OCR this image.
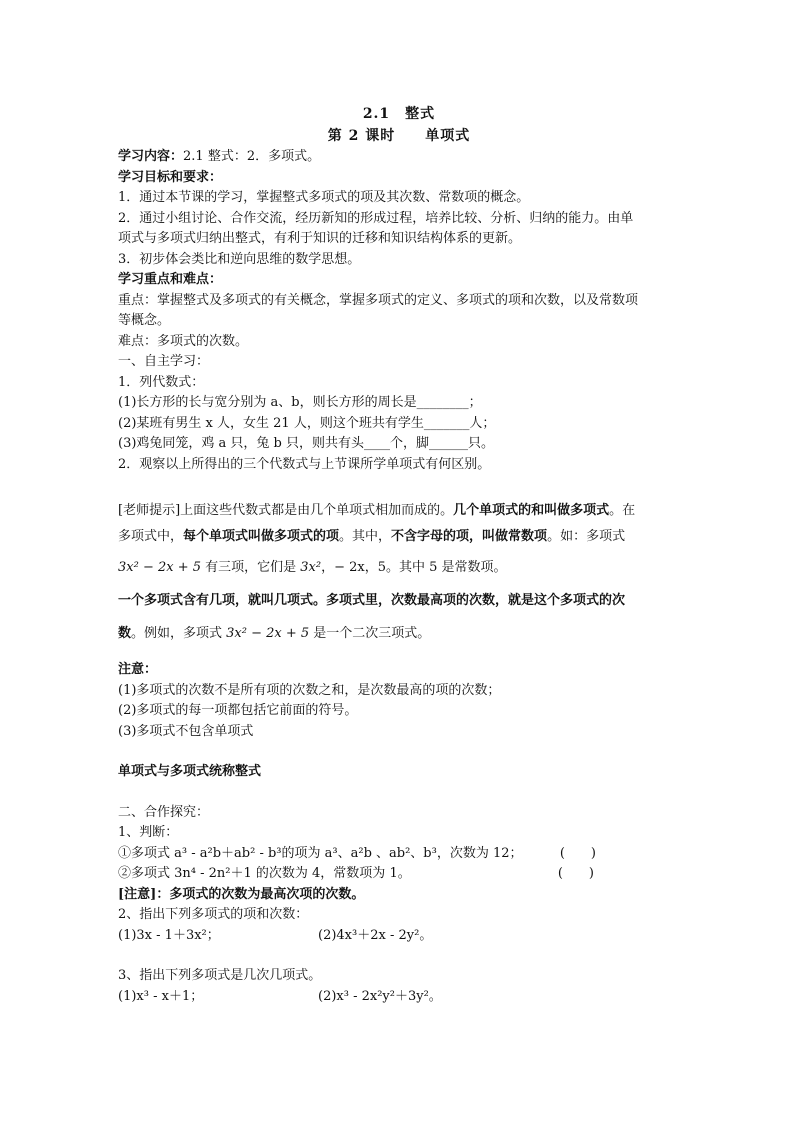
2.1　整式
第 2 课时　　单项式
学习内容：2.1 整式：2．多项式。
学习目标和要求：
1．通过本节课的学习，掌握整式多项式的项及其次数、常数项的概念。
2．通过小组讨论、合作交流，经历新知的形成过程，培养比较、分析、归纳的能力。由单
项式与多项式归纳出整式，有利于知识的迁移和知识结构体系的更新。
3．初步体会类比和逆向思维的数学思想。
学习重点和难点：
重点：掌握整式及多项式的有关概念，掌握多项式的定义、多项式的项和次数，以及常数项
等概念。
难点：多项式的次数。
一、自主学习：
1．列代数式：
(1)长方形的长与宽分别为 a、b，则长方形的周长是________；
(2)某班有男生 x 人，女生 21 人，则这个班共有学生_______人；
(3)鸡兔同笼，鸡 a 只，兔 b 只，则共有头____个，脚______只。
2．观察以上所得出的三个代数式与上节课所学单项式有何区别。
[老师提示]上面这些代数式都是由几个单项式相加而成的。几个单项式的和叫做多项式。在
多项式中，每个单项式叫做多项式的项。其中，不含字母的项，叫做常数项。如：多项式
3x² − 2x + 5 有三项，它们是 3x²，− 2x，5。其中 5 是常数项。
一个多项式含有几项，就叫几项式。多项式里，次数最高项的次数，就是这个多项式的次
数。例如，多项式 3x² − 2x + 5 是一个二次三项式。
注意：
(1)多项式的次数不是所有项的次数之和，是次数最高的项的次数；
(2)多项式的每一项都包括它前面的符号。
(3)多项式不包含单项式
单项式与多项式统称整式
二、合作探究：
1、判断：
①多项式 a³ - a²b＋ab² - b³的项为 a³、a²b 、ab²、b³，次数为 12；	(　　)
②多项式 3n⁴ - 2n²＋1 的次数为 4，常数项为 1。	(　　)
[注意]：多项式的次数为最高次项的次数。
2、指出下列多项式的项和次数：
(1)3x - 1＋3x²；	(2)4x³＋2x - 2y²。
3、指出下列多项式是几次几项式。
(1)x³ - x＋1；	(2)x³ - 2x²y²＋3y²。
